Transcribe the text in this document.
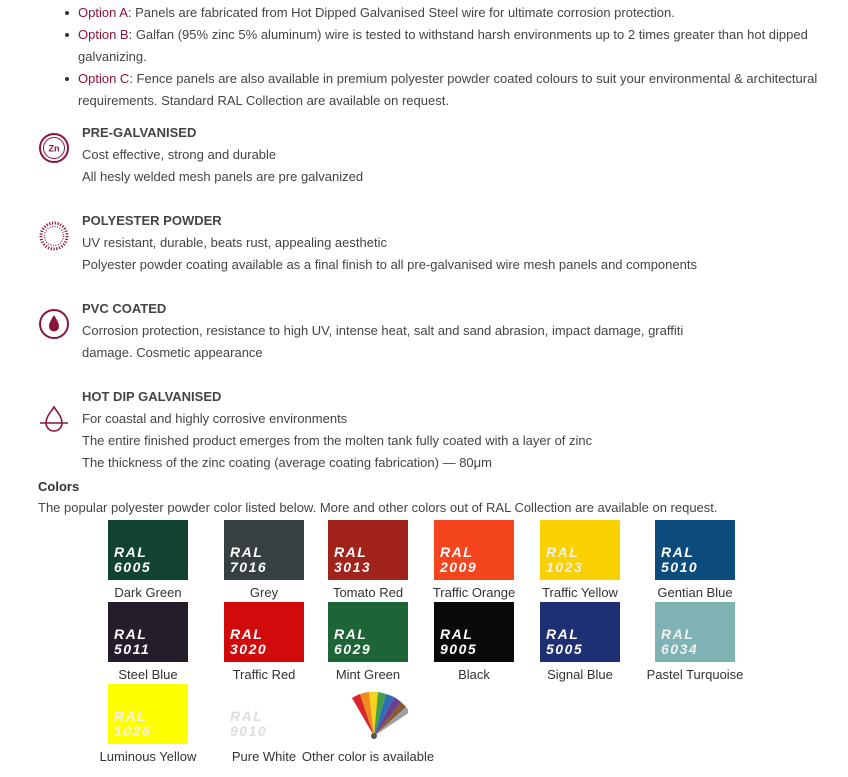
Option A: Panels are fabricated from Hot Dipped Galvanised Steel wire for ultimate corrosion protection.
Option B: Galfan (95% zinc 5% aluminum) wire is tested to withstand harsh environments up to 2 times greater than hot dipped galvanizing.
Option C: Fence panels are also available in premium polyester powder coated colours to suit your environmental & architectural requirements. Standard RAL Collection are available on request.
Zn
PRE-GALVANISED
Cost effective, strong and durable
All hesly welded mesh panels are pre galvanized
POLYESTER POWDER
UV resistant, durable, beats rust, appealing aesthetic
Polyester powder coating available as a final finish to all pre-galvanised wire mesh panels and components
PVC COATED
Corrosion protection, resistance to high UV, intense heat, salt and sand abrasion, impact damage, graffiti
damage. Cosmetic appearance
HOT DIP GALVANISED
For coastal and highly corrosive environments
The entire finished product emerges from the molten tank fully coated with a layer of zinc
The thickness of the zinc coating (average coating fabrication) — 80μm
Colors
The popular polyester powder color listed below. More and other colors out of RAL Collection are available on request.
RAL
6005
Dark Green
RAL
7016
Grey
RAL
3013
Tomato Red
RAL
2009
Traffic Orange
RAL
1023
Traffic Yellow
RAL
5010
Gentian Blue
RAL
5011
Steel Blue
RAL
3020
Traffic Red
RAL
6029
Mint Green
RAL
9005
Black
RAL
5005
Signal Blue
RAL
6034
Pastel Turquoise
RAL
1026
Luminous Yellow
RAL
9010
Pure White Other color is available
